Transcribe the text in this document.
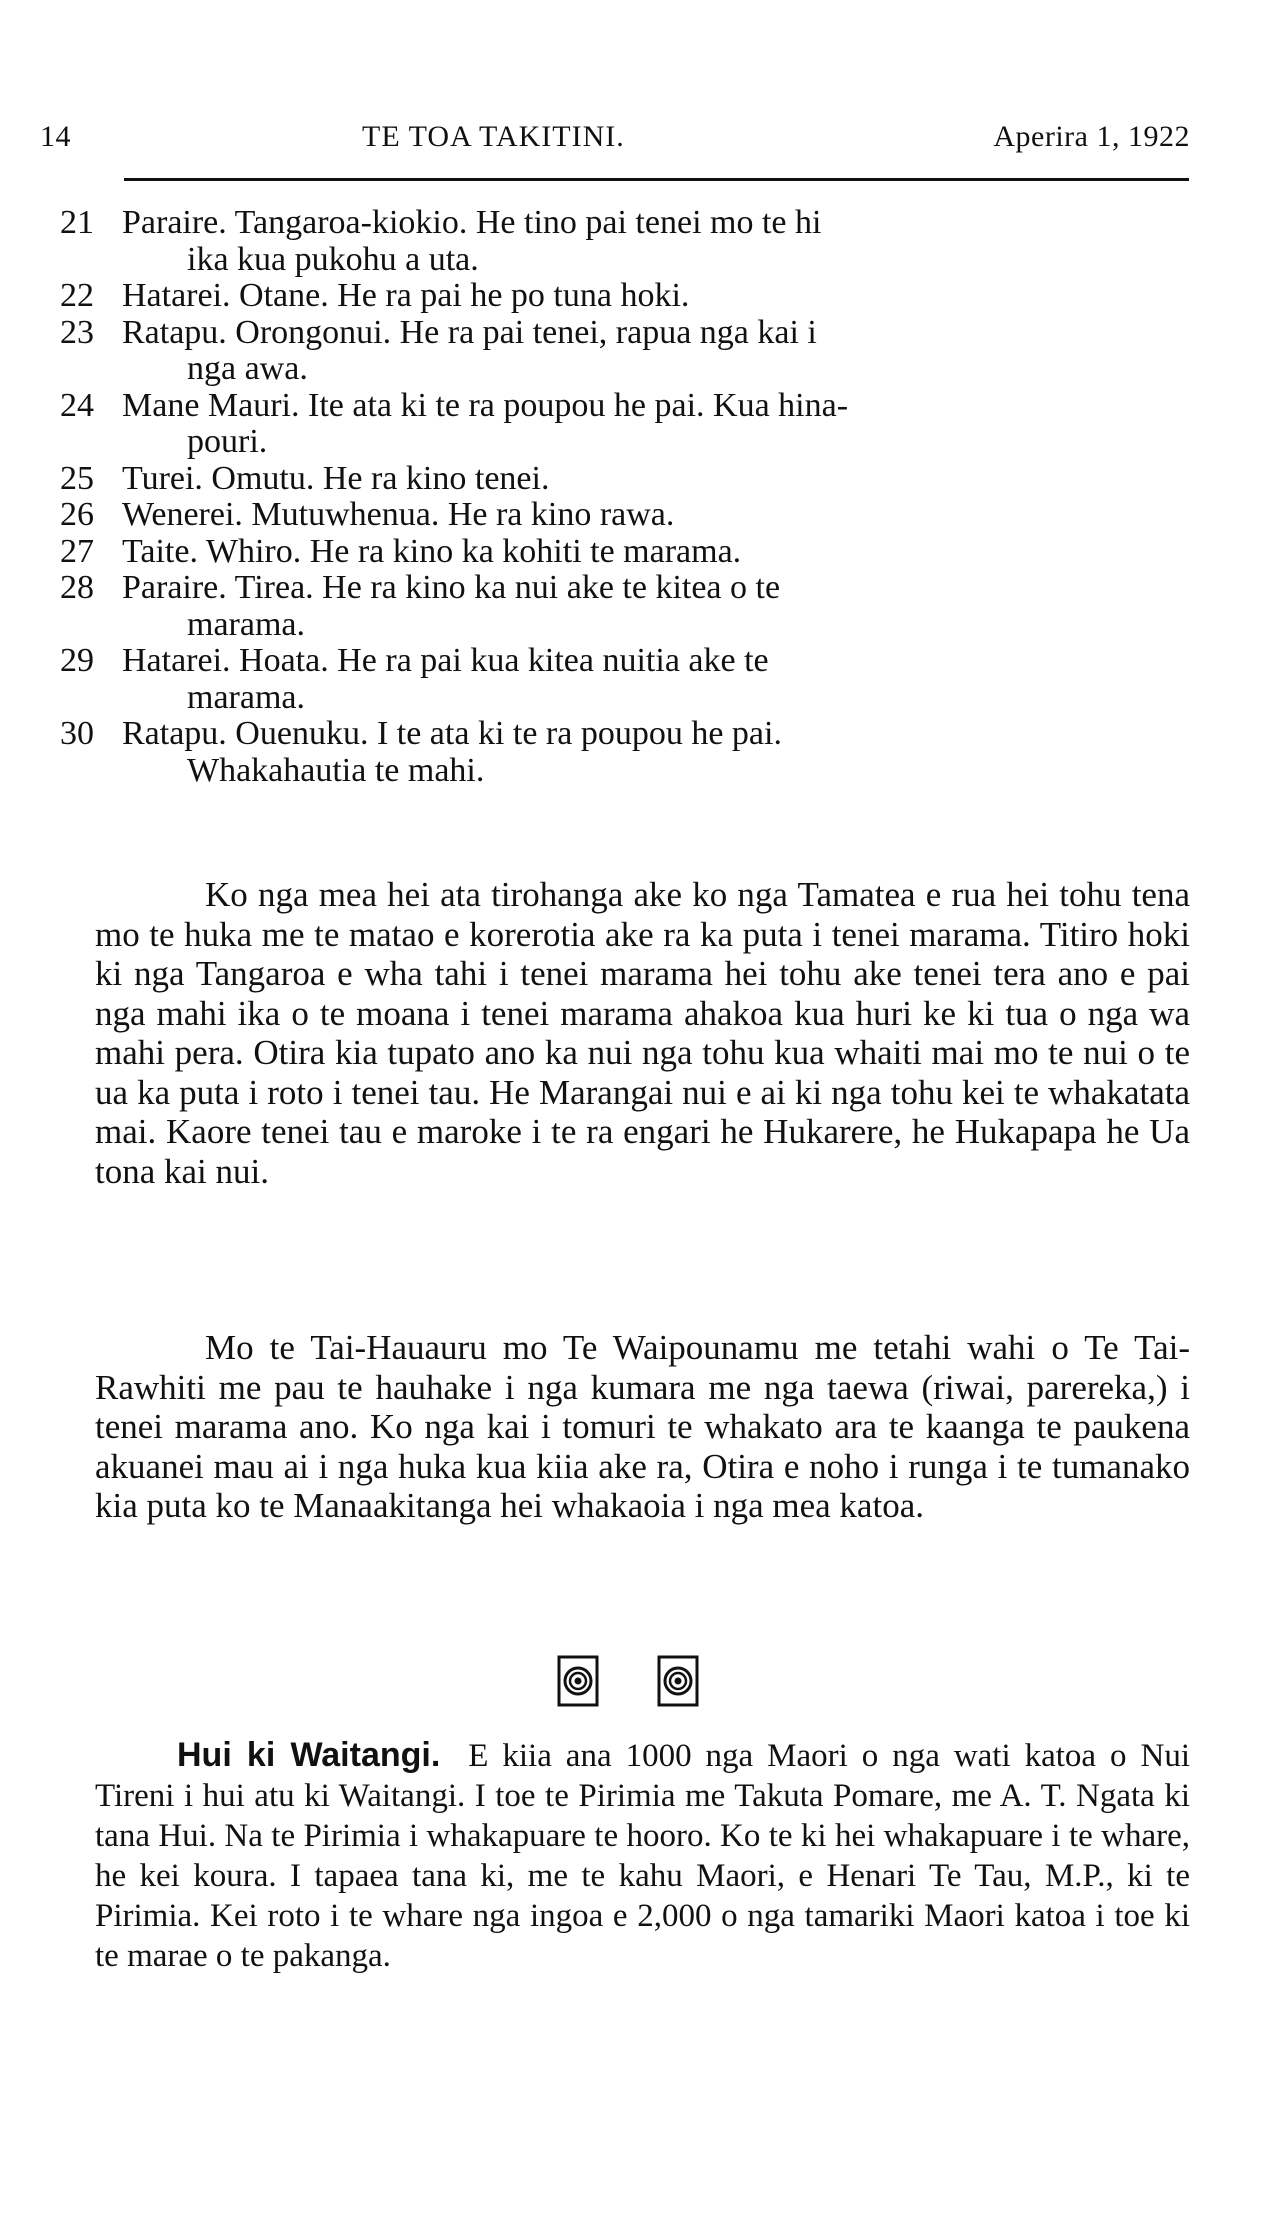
14	TE TOA TAKITINI.	Aperira 1, 1922
21 Paraire. Tangaroa-kiokio. He tino pai tenei mo te hi
ika kua pukohu a uta.
22 Hatarei. Otane. He ra pai he po tuna hoki.
23 Ratapu. Orongonui. He ra pai tenei, rapua nga kai i
nga awa.
24 Mane Mauri. Ite ata ki te ra poupou he pai. Kua hina-
pouri.
25 Turei. Omutu. He ra kino tenei.
26 Wenerei. Mutuwhenua. He ra kino rawa.
27 Taite. Whiro. He ra kino ka kohiti te marama.
28 Paraire. Tirea. He ra kino ka nui ake te kitea o te
marama.
29 Hatarei. Hoata. He ra pai kua kitea nuitia ake te
marama.
30 Ratapu. Ouenuku. I te ata ki te ra poupou he pai.
Whakahautia te mahi.

Ko nga mea hei ata tirohanga ake ko nga Tamatea e rua hei tohu tena mo te huka me te matao e korerotia ake ra ka puta i tenei marama. Titiro hoki ki nga Tangaroa e wha tahi i tenei marama hei tohu ake tenei tera ano e pai nga mahi ika o te moana i tenei marama ahakoa kua huri ke ki tua o nga wa mahi pera. Otira kia tupato ano ka nui nga tohu kua whaiti mai mo te nui o te ua ka puta i roto i tenei tau. He Marangai nui e ai ki nga tohu kei te whakatata mai. Kaore tenei tau e maroke i te ra engari he Hukarere, he Hukapapa he Ua tona kai nui.

Mo te Tai-Hauauru mo Te Waipounamu me tetahi wahi o Te Tai-Rawhiti me pau te hauhake i nga kumara me nga taewa (riwai, parereka,) i tenei marama ano. Ko nga kai i tomuri te whakato ara te kaanga te paukena akuanei mau ai i nga huka kua kiia ake ra, Otira e noho i runga i te tumanako kia puta ko te Manaakitanga hei whakaoia i nga mea katoa.

Hui ki Waitangi. E kiia ana 1000 nga Maori o nga wati katoa o Nui Tireni i hui atu ki Waitangi. I toe te Pirimia me Takuta Pomare, me A. T. Ngata ki tana Hui. Na te Pirimia i whakapuare te hooro. Ko te ki hei whakapuare i te whare, he kei koura. I tapaea tana ki, me te kahu Maori, e Henari Te Tau, M.P., ki te Pirimia. Kei roto i te whare nga ingoa e 2,000 o nga tamariki Maori katoa i toe ki te marae o te pakanga.
